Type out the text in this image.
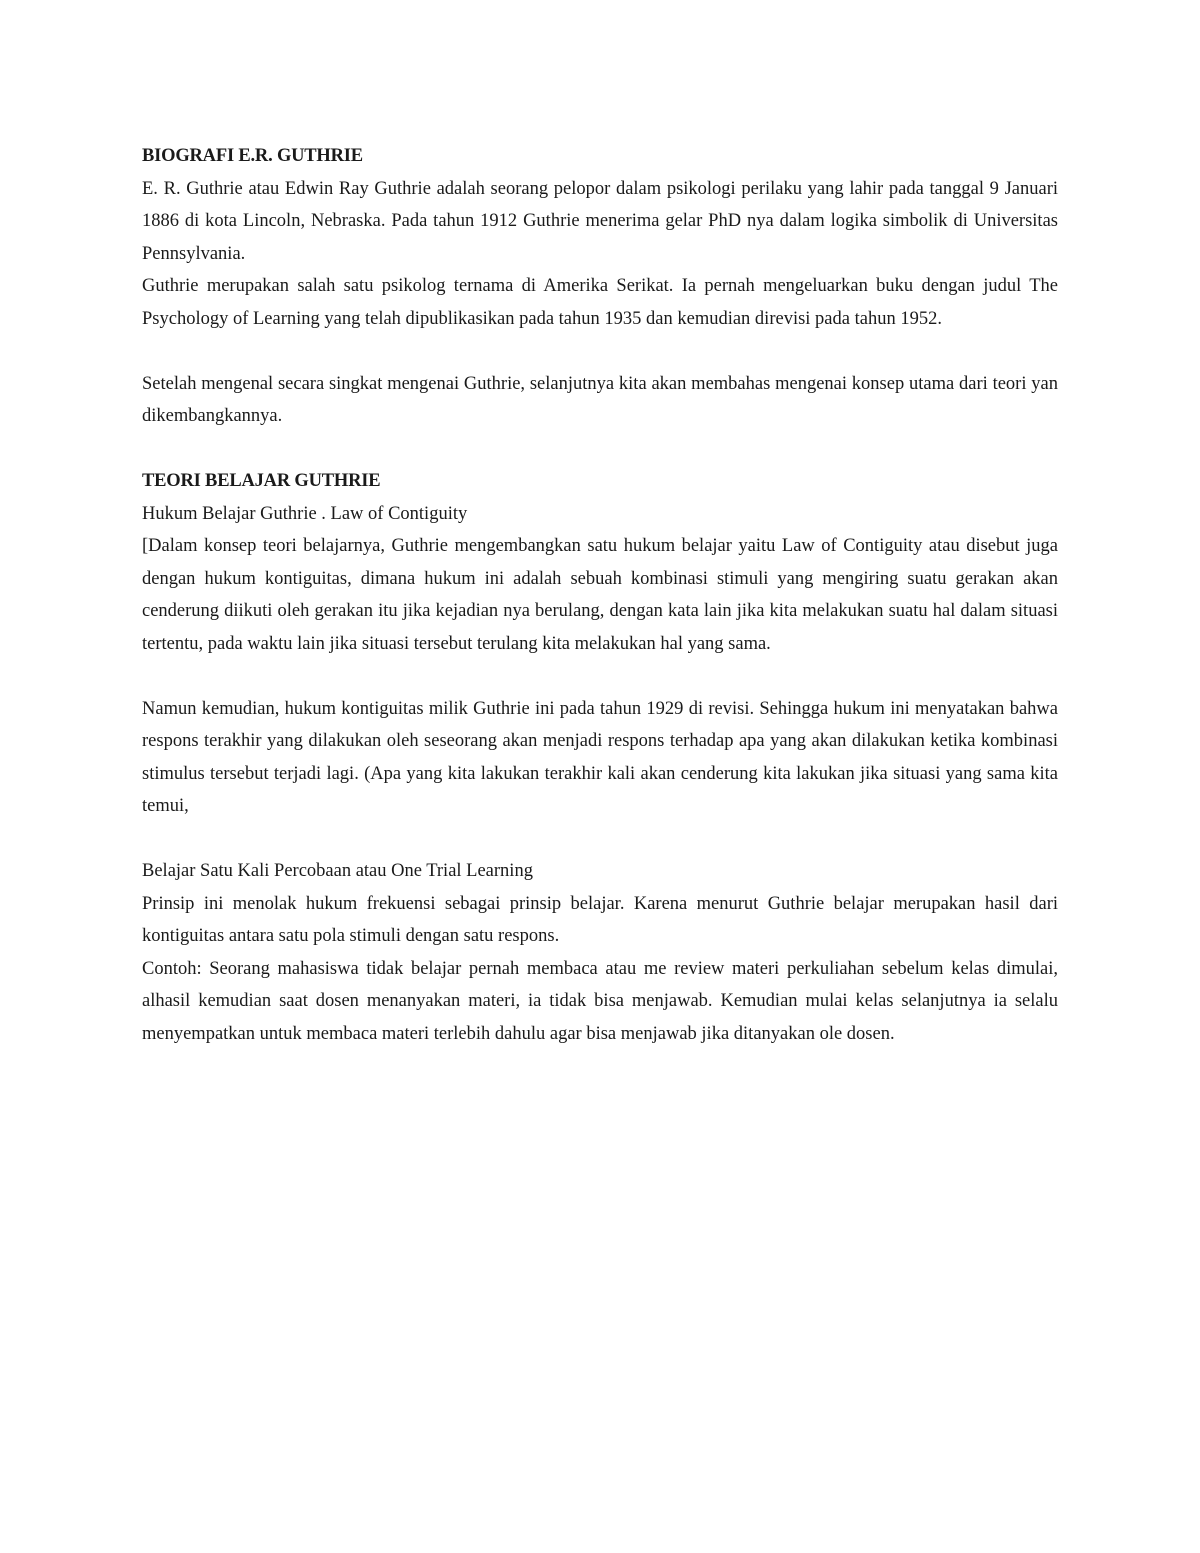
BIOGRAFI E.R. GUTHRIE

E. R. Guthrie atau Edwin Ray Guthrie adalah seorang pelopor dalam psikologi perilaku yang lahir pada tanggal 9 Januari 1886 di kota Lincoln, Nebraska. Pada tahun 1912 Guthrie menerima gelar PhD nya dalam logika simbolik di Universitas Pennsylvania.

Guthrie merupakan salah satu psikolog ternama di Amerika Serikat. Ia pernah mengeluarkan buku dengan judul The Psychology of Learning yang telah dipublikasikan pada tahun 1935 dan kemudian direvisi pada tahun 1952.

Setelah mengenal secara singkat mengenai Guthrie, selanjutnya kita akan membahas mengenai konsep utama dari teori yan dikembangkannya.

TEORI BELAJAR GUTHRIE

Hukum Belajar Guthrie . Law of Contiguity

[Dalam konsep teori belajarnya, Guthrie mengembangkan satu hukum belajar yaitu Law of Contiguity atau disebut juga dengan hukum kontiguitas, dimana hukum ini adalah sebuah kombinasi stimuli yang mengiring suatu gerakan akan cenderung diikuti oleh gerakan itu jika kejadian nya berulang, dengan kata lain jika kita melakukan suatu hal dalam situasi tertentu, pada waktu lain jika situasi tersebut terulang kita melakukan hal yang sama.

Namun kemudian, hukum kontiguitas milik Guthrie ini pada tahun 1929 di revisi. Sehingga hukum ini menyatakan bahwa respons terakhir yang dilakukan oleh seseorang akan menjadi respons terhadap apa yang akan dilakukan ketika kombinasi stimulus tersebut terjadi lagi. (Apa yang kita lakukan terakhir kali akan cenderung kita lakukan jika situasi yang sama kita temui,

Belajar Satu Kali Percobaan atau One Trial Learning

Prinsip ini menolak hukum frekuensi sebagai prinsip belajar. Karena menurut Guthrie belajar merupakan hasil dari kontiguitas antara satu pola stimuli dengan satu respons.

Contoh: Seorang mahasiswa tidak belajar pernah membaca atau me review materi perkuliahan sebelum kelas dimulai, alhasil kemudian saat dosen menanyakan materi, ia tidak bisa menjawab. Kemudian mulai kelas selanjutnya ia selalu menyempatkan untuk membaca materi terlebih dahulu agar bisa menjawab jika ditanyakan ole dosen.
